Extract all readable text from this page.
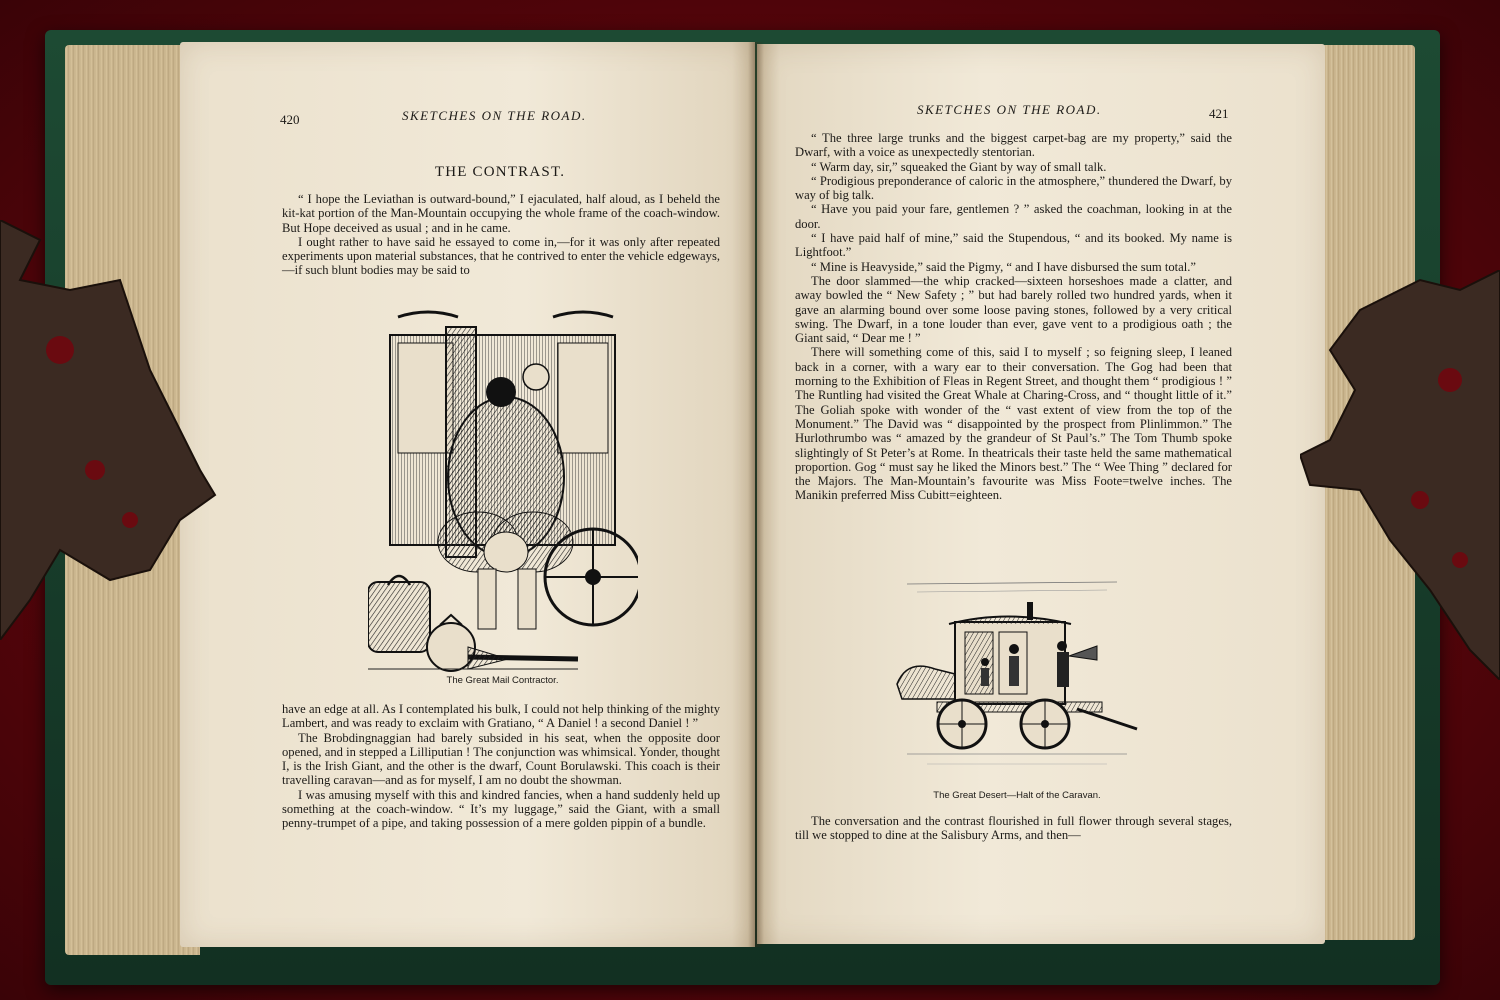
420	SKETCHES ON THE ROAD.
THE CONTRAST.

“ I hope the Leviathan is outward-bound,” I ejaculated, half aloud, as I beheld the kit-kat portion of the Man-Mountain occupying the whole frame of the coach-window. But Hope deceived as usual ; and in he came.

I ought rather to have said he essayed to come in,—for it was only after repeated experiments upon material substances, that he contrived to enter the vehicle edgeways,—if such blunt bodies may be said to

The Great Mail Contractor.

have an edge at all. As I contemplated his bulk, I could not help thinking of the mighty Lambert, and was ready to exclaim with Gratiano, “ A Daniel ! a second Daniel ! ”

The Brobdingnaggian had barely subsided in his seat, when the opposite door opened, and in stepped a Lilliputian ! The conjunction was whimsical. Yonder, thought I, is the Irish Giant, and the other is the dwarf, Count Borulawski. This coach is their travelling caravan—and as for myself, I am no doubt the showman.

I was amusing myself with this and kindred fancies, when a hand suddenly held up something at the coach-window. “ It’s my luggage,” said the Giant, with a small penny-trumpet of a pipe, and taking possession of a mere golden pippin of a bundle.

SKETCHES ON THE ROAD.	421

“ The three large trunks and the biggest carpet-bag are my property,” said the Dwarf, with a voice as unexpectedly stentorian.

“ Warm day, sir,” squeaked the Giant by way of small talk.

“ Prodigious preponderance of caloric in the atmosphere,” thundered the Dwarf, by way of big talk.

“ Have you paid your fare, gentlemen ? ” asked the coachman, looking in at the door.

“ I have paid half of mine,” said the Stupendous, “ and its booked. My name is Lightfoot.”

“ Mine is Heavyside,” said the Pigmy, “ and I have disbursed the sum total.”

The door slammed—the whip cracked—sixteen horseshoes made a clatter, and away bowled the “ New Safety ; ” but had barely rolled two hundred yards, when it gave an alarming bound over some loose paving stones, followed by a very critical swing. The Dwarf, in a tone louder than ever, gave vent to a prodigious oath ; the Giant said, “ Dear me ! ”

There will something come of this, said I to myself ; so feigning sleep, I leaned back in a corner, with a wary ear to their conversation. The Gog had been that morning to the Exhibition of Fleas in Regent Street, and thought them “ prodigious ! ” The Runtling had visited the Great Whale at Charing-Cross, and “ thought little of it.” The Goliah spoke with wonder of the “ vast extent of view from the top of the Monument.” The David was “ disappointed by the prospect from Plinlimmon.” The Hurlothrumbo was “ amazed by the grandeur of St Paul’s.” The Tom Thumb spoke slightingly of St Peter’s at Rome. In theatricals their taste held the same mathematical proportion. Gog “ must say he liked the Minors best.” The “ Wee Thing ” declared for the Majors. The Man-Mountain’s favourite was Miss Foote=twelve inches. The Manikin preferred Miss Cubitt=eighteen.

The Great Desert—Halt of the Caravan.

The conversation and the contrast flourished in full flower through several stages, till we stopped to dine at the Salisbury Arms, and then—
